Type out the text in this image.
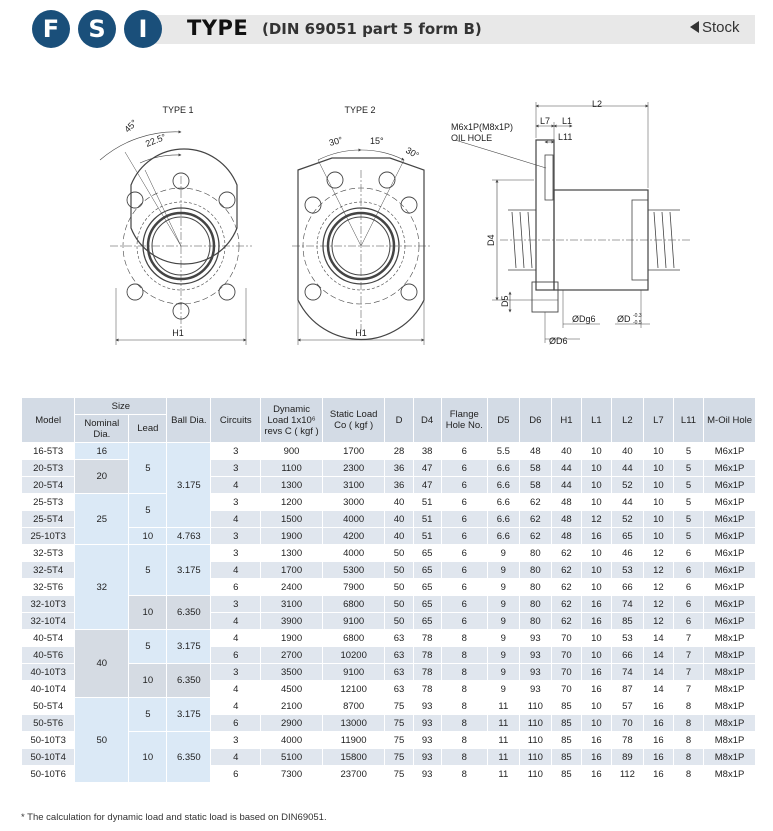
F	S	I	TYPE (DIN 69051 part 5 form B)	Stock
TYPE 1
45°
22.5°
H1
TYPE 2
30°	15°
30°
H1
L2
L7 L1
L11
M6x1P(M8x1P)
OIL HOLE
D4
D5
ØDg6 ØD -0.3
-0.5
ØD6
Model	Size		Ball Dia.	Circuits	Dynamic Load 1x10⁶ revs C ( kgf )	Static Load Co ( kgf )	D	D4	Flange Hole No.	D5	D6	H1	L1	L2	L7	L11	M-Oil Hole
	Nominal Dia.	Lead															
16-5T3	16	5	3.175	3	900	1700	28	38	6	5.5	48	40	10	40	10	5	M6x1P
20-5T3	20			3	1100	2300	36	47	6	6.6	58	44	10	44	10	5	M6x1P
20-5T4				4	1300	3100	36	47	6	6.6	58	44	10	52	10	5	M6x1P
25-5T3	25	5		3	1200	3000	40	51	6	6.6	62	48	10	44	10	5	M6x1P
25-5T4				4	1500	4000	40	51	6	6.6	62	48	12	52	10	5	M6x1P
25-10T3		10	4.763	3	1900	4200	40	51	6	6.6	62	48	16	65	10	5	M6x1P
32-5T3	32	5	3.175	3	1300	4000	50	65	6	9	80	62	10	46	12	6	M6x1P
32-5T4				4	1700	5300	50	65	6	9	80	62	10	53	12	6	M6x1P
32-5T6				6	2400	7900	50	65	6	9	80	62	10	66	12	6	M6x1P
32-10T3		10	6.350	3	3100	6800	50	65	6	9	80	62	16	74	12	6	M6x1P
32-10T4				4	3900	9100	50	65	6	9	80	62	16	85	12	6	M6x1P
40-5T4	40	5	3.175	4	1900	6800	63	78	8	9	93	70	10	53	14	7	M8x1P
40-5T6				6	2700	10200	63	78	8	9	93	70	10	66	14	7	M8x1P
40-10T3		10	6.350	3	3500	9100	63	78	8	9	93	70	16	74	14	7	M8x1P
40-10T4				4	4500	12100	63	78	8	9	93	70	16	87	14	7	M8x1P
50-5T4	50	5	3.175	4	2100	8700	75	93	8	11	110	85	10	57	16	8	M8x1P
50-5T6				6	2900	13000	75	93	8	11	110	85	10	70	16	8	M8x1P
50-10T3		10	6.350	3	4000	11900	75	93	8	11	110	85	16	78	16	8	M8x1P
50-10T4				4	5100	15800	75	93	8	11	110	85	16	89	16	8	M8x1P
50-10T6				6	7300	23700	75	93	8	11	110	85	16	112	16	8	M8x1P
* The calculation for dynamic load and static load is based on DIN69051.
